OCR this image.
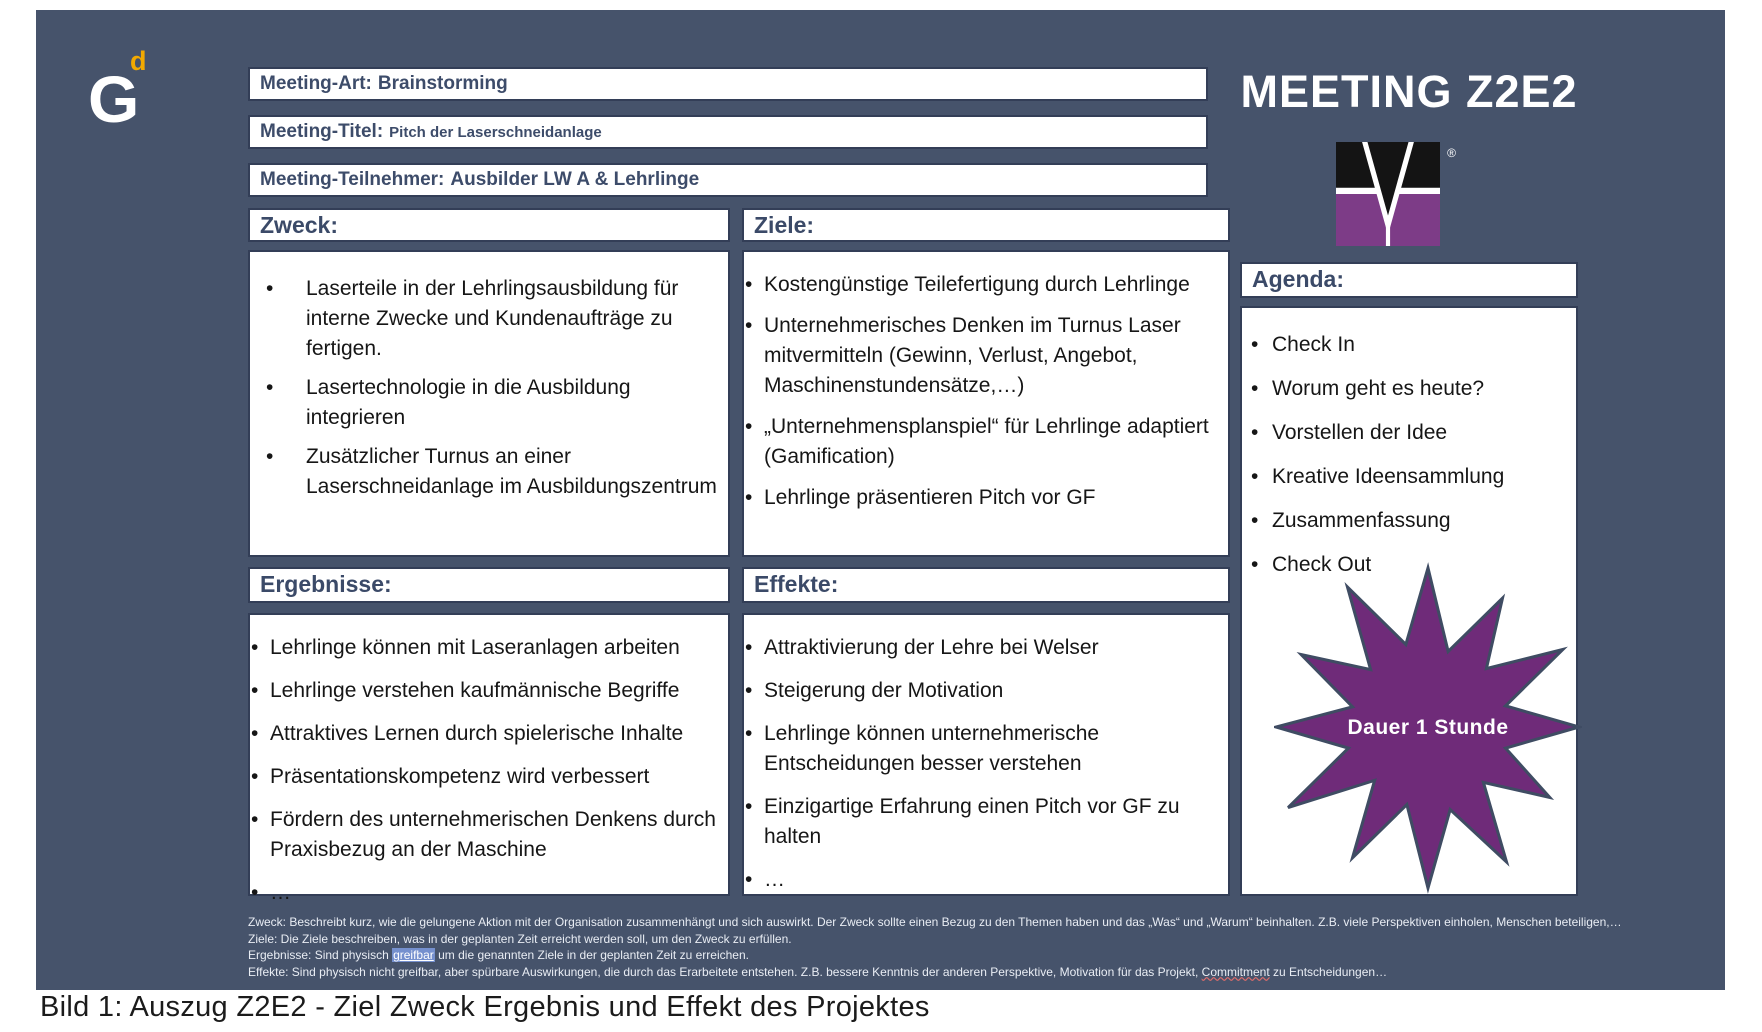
G
d
Meeting-Art: Brainstorming
Meeting-Titel: Pitch der Laserschneidanlage
Meeting-Teilnehmer: Ausbilder LW A & Lehrlinge
MEETING Z2E2
®
Zweck:	Ziele:
• Laserteile in der Lehrlingsausbildung für interne Zwecke und Kundenaufträge zu fertigen.
• Lasertechnologie in die Ausbildung integrieren
• Zusätzlicher Turnus an einer Laserschneidanlage im Ausbildungszentrum
• Kostengünstige Teilefertigung durch Lehrlinge
• Unternehmerisches Denken im Turnus Laser mitvermitteln (Gewinn, Verlust, Angebot, Maschinenstundensätze,…)
• „Unternehmensplanspiel“ für Lehrlinge adaptiert (Gamification)
• Lehrlinge präsentieren Pitch vor GF
Agenda:
• Check In
• Worum geht es heute?
• Vorstellen der Idee
• Kreative Ideensammlung
• Zusammenfassung
• Check Out
Ergebnisse:	Effekte:
• Lehrlinge können mit Laseranlagen arbeiten
• Lehrlinge verstehen kaufmännische Begriffe
• Attraktives Lernen durch spielerische Inhalte
• Präsentationskompetenz wird verbessert
• Fördern des unternehmerischen Denkens durch Praxisbezug an der Maschine
• …
• Attraktivierung der Lehre bei Welser
• Steigerung der Motivation
• Lehrlinge können unternehmerische Entscheidungen besser verstehen
• Einzigartige Erfahrung einen Pitch vor GF zu halten
• …
Dauer 1 Stunde

Zweck: Beschreibt kurz, wie die gelungene Aktion mit der Organisation zusammenhängt und sich auswirkt. Der Zweck sollte einen Bezug zu den Themen haben und das „Was“ und „Warum“ beinhalten. Z.B. viele Perspektiven einholen, Menschen beteiligen,…

Ziele: Die Ziele beschreiben, was in der geplanten Zeit erreicht werden soll, um den Zweck zu erfüllen.

Ergebnisse: Sind physisch greifbar um die genannten Ziele in der geplanten Zeit zu erreichen.

Effekte: Sind physisch nicht greifbar, aber spürbare Auswirkungen, die durch das Erarbeitete entstehen. Z.B. bessere Kenntnis der anderen Perspektive, Motivation für das Projekt, Commitment zu Entscheidungen…

Bild 1: Auszug Z2E2 - Ziel Zweck Ergebnis und Effekt des Projektes
